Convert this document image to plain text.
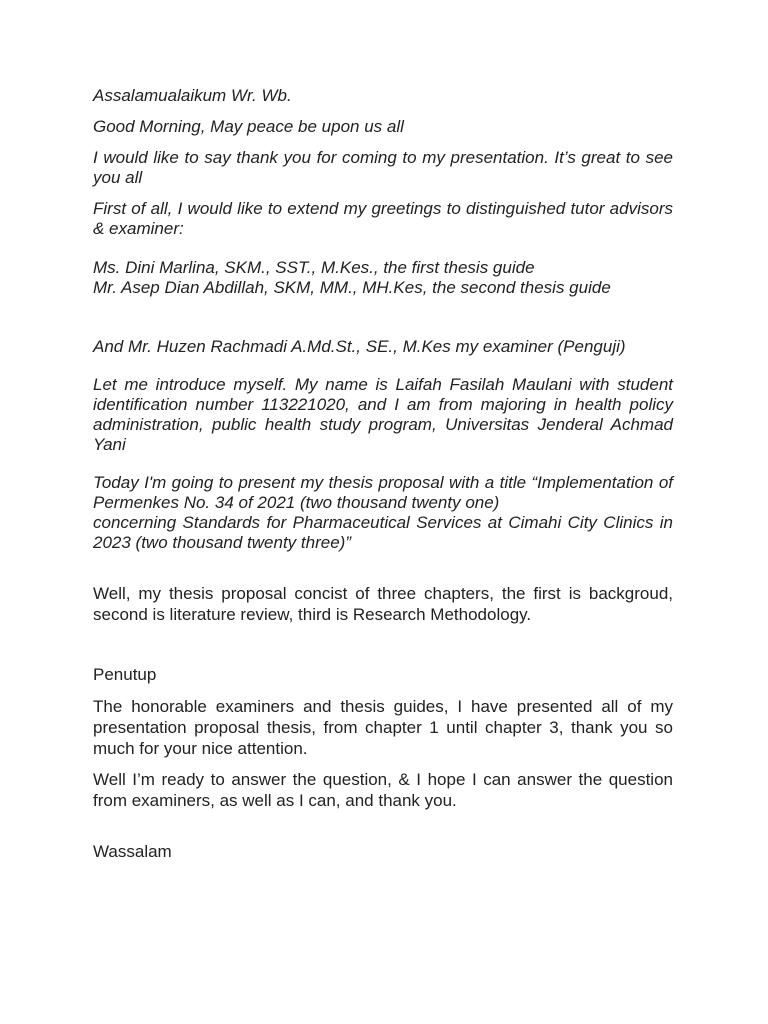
Assalamualaikum Wr. Wb.

Good Morning, May peace be upon us all

I would like to say thank you for coming to my presentation. It’s great to see you all

First of all, I would like to extend my greetings to distinguished tutor advisors & examiner:

Ms. Dini Marlina, SKM., SST., M.Kes., the first thesis guide
Mr. Asep Dian Abdillah, SKM, MM., MH.Kes, the second thesis guide

And Mr. Huzen Rachmadi A.Md.St., SE., M.Kes my examiner (Penguji)

Let me introduce myself. My name is Laifah Fasilah Maulani with student identification number 113221020, and I am from majoring in health policy administration, public health study program, Universitas Jenderal Achmad Yani

Today I'm going to present my thesis proposal with a title “Implementation of Permenkes No. 34 of 2021 (two thousand twenty one)

concerning Standards for Pharmaceutical Services at Cimahi City Clinics in 2023 (two thousand twenty three)”

Well, my thesis proposal concist of three chapters, the first is backgroud, second is literature review, third is Research Methodology.

Penutup

The honorable examiners and thesis guides, I have presented all of my presentation proposal thesis, from chapter 1 until chapter 3, thank you so much for your nice attention.

Well I’m ready to answer the question, & I hope I can answer the question from examiners, as well as I can, and thank you.

Wassalam
